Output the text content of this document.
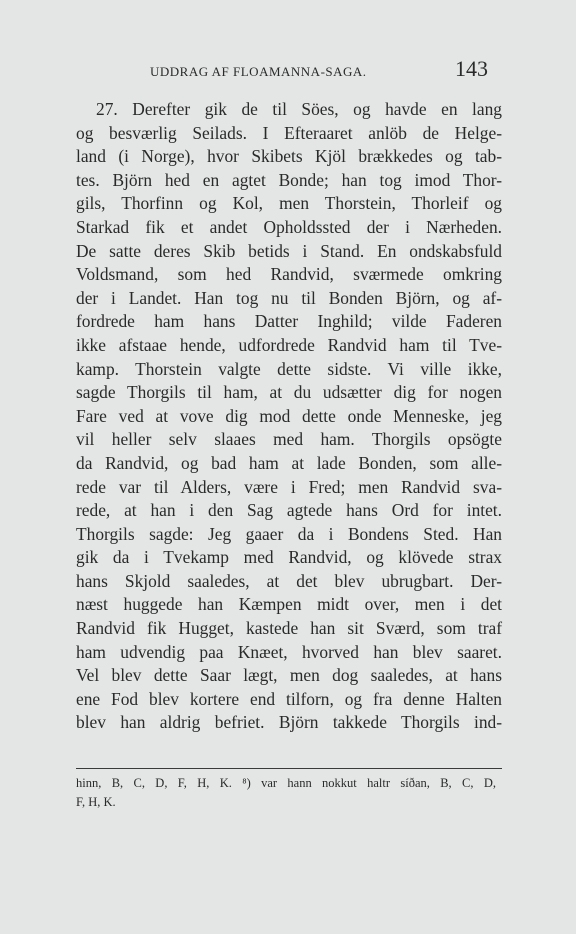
UDDRAG AF FLOAMANNA-SAGA.	143
27. Derefter gik de til Söes, og havde en lang
og besværlig Seilads. I Efteraaret anlöb de Helge-
land (i Norge), hvor Skibets Kjöl brækkedes og tab-
tes. Björn hed en agtet Bonde; han tog imod Thor-
gils, Thorfinn og Kol, men Thorstein, Thorleif og
Starkad fik et andet Opholdssted der i Nærheden.
De satte deres Skib betids i Stand. En ondskabsfuld
Voldsmand, som hed Randvid, sværmede omkring
der i Landet. Han tog nu til Bonden Björn, og af-
fordrede ham hans Datter Inghild; vilde Faderen
ikke afstaae hende, udfordrede Randvid ham til Tve-
kamp. Thorstein valgte dette sidste. Vi ville ikke,
sagde Thorgils til ham, at du udsætter dig for nogen
Fare ved at vove dig mod dette onde Menneske, jeg
vil heller selv slaaes med ham. Thorgils opsögte
da Randvid, og bad ham at lade Bonden, som alle-
rede var til Alders, være i Fred; men Randvid sva-
rede, at han i den Sag agtede hans Ord for intet.
Thorgils sagde: Jeg gaaer da i Bondens Sted. Han
gik da i Tvekamp med Randvid, og klövede strax
hans Skjold saaledes, at det blev ubrugbart. Der-
næst huggede han Kæmpen midt over, men i det
Randvid fik Hugget, kastede han sit Sværd, som traf
ham udvendig paa Knæet, hvorved han blev saaret.
Vel blev dette Saar lægt, men dog saaledes, at hans
ene Fod blev kortere end tilforn, og fra denne Halten
blev han aldrig befriet. Björn takkede Thorgils ind-
hinn, B, C, D, F, H, K. ⁸) var hann nokkut haltr síðan, B, C, D,
F, H, K.
